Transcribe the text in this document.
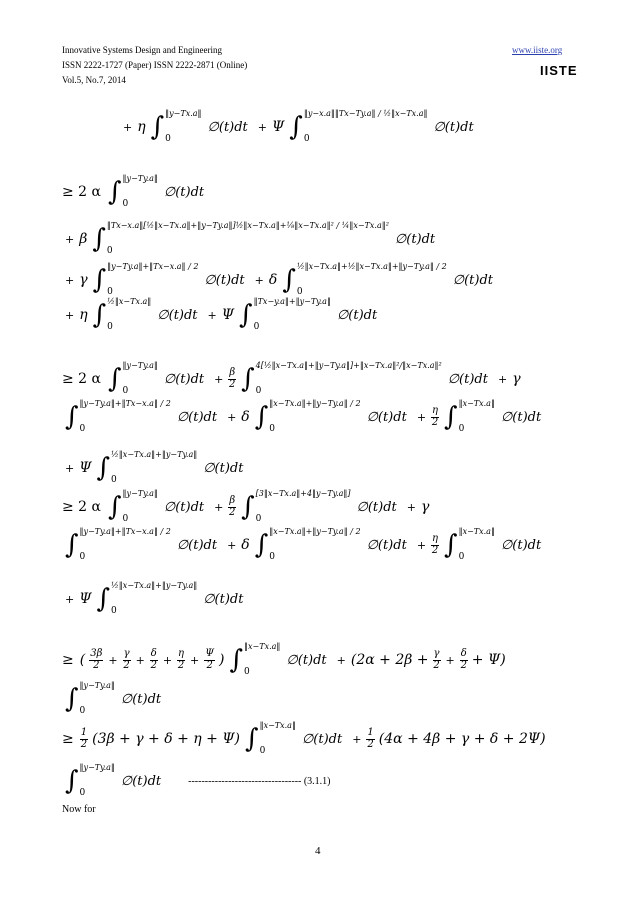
Innovative Systems Design and Engineering
ISSN 2222-1727 (Paper) ISSN 2222-2871 (Online)
Vol.5, No.7, 2014
www.iiste.org
IISTE
+ η ∫ ‖y−Tx.a‖
0
∅(t)dt + Ψ ∫ ‖y−x.a‖‖Tx−Ty.a‖ / ½‖x−Tx.a‖
0
∅(t)dt
≥ 2 α ∫ ‖y−Ty.a‖
0
∅(t)dt
+ β ∫ ‖Tx−x.a‖[½‖x−Tx.a‖+‖y−Ty.a‖]½‖x−Tx.a‖+⅛‖x−Tx.a‖² / ¼‖x−Tx.a‖²
0
∅(t)dt
+ γ ∫ ‖y−Ty.a‖+‖Tx−x.a‖ / 2
0
∅(t)dt + δ ∫ ½‖x−Tx.a‖+½‖x−Tx.a‖+‖y−Ty.a‖ / 2
0
∅(t)dt
+ η ∫ ½‖x−Tx.a‖
0
∅(t)dt + Ψ ∫ ‖Tx−y.a‖+‖y−Ty.a‖
0
∅(t)dt
≥ 2 α ∫ ‖y−Ty.a‖
0
∅(t)dt + $\frac{\beta}{2}$ ∫ 4[½‖x−Tx.a‖+‖y−Ty.a‖]+‖x−Tx.a‖²/‖x−Tx.a‖²
0
∅(t)dt + γ
∫ ‖y−Ty.a‖+‖Tx−x.a‖ / 2
0
∅(t)dt + δ ∫ ‖x−Tx.a‖+‖y−Ty.a‖ / 2
0
∅(t)dt + $\frac{\eta}{2}$ ∫ ‖x−Tx.a‖
0
∅(t)dt
+ Ψ ∫ ½‖x−Tx.a‖+‖y−Ty.a‖
0
∅(t)dt
≥ 2 α ∫ ‖y−Ty.a‖
0
∅(t)dt + $\frac{\beta}{2}$ ∫ [3‖x−Tx.a‖+4‖y−Ty.a‖]
0
∅(t)dt + γ
∫ ‖y−Ty.a‖+‖Tx−x.a‖ / 2
0
∅(t)dt + δ ∫ ‖x−Tx.a‖+‖y−Ty.a‖ / 2
0
∅(t)dt + $\frac{\eta}{2}$ ∫ ‖x−Tx.a‖
0
∅(t)dt
+ Ψ ∫ ½‖x−Tx.a‖+‖y−Ty.a‖
0
∅(t)dt
≥ ( $\frac{3\beta}{2} + \frac{\gamma}{2} + \frac{\delta}{2} + \frac{\eta}{2} + \frac{\Psi}{2}$ ) ∫ ‖x−Tx.a‖
0
∅(t)dt + $(2\alpha + 2\beta + \frac{\gamma}{2} + \frac{\delta}{2} + \Psi)$
∫ ‖y−Ty.a‖
0
∅(t)dt
≥ $\frac{1}{2} (3\beta + \gamma + \delta + \eta + \Psi)$ ∫ ‖x−Tx.a‖
0
∅(t)dt + $\frac{1}{2} (4\alpha + 4\beta + \gamma + \delta + 2\Psi)$
∫ ‖y−Ty.a‖
0
∅(t)dt	---------------------------------- (3.1.1)
Now for
4
